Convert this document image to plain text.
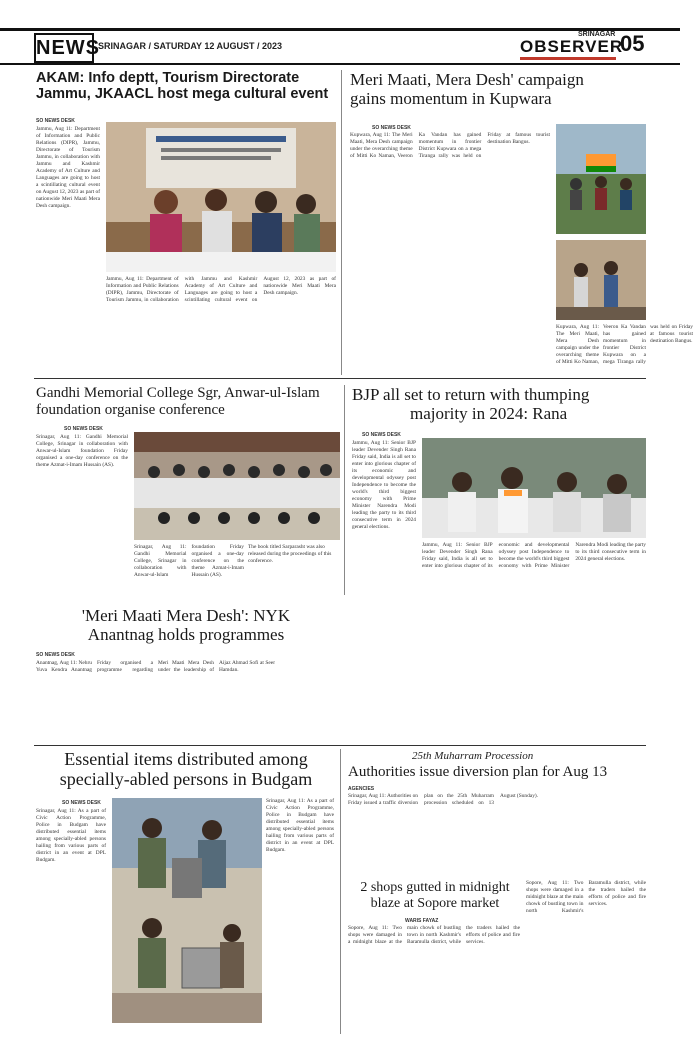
NEWS
SRINAGAR / SATURDAY 12 AUGUST / 2023
SRINAGAR
OBSERVER
05
AKAM: Info deptt, Tourism Directorate
Jammu, JKAACL host mega cultural event
SO NEWS DESK
Jammu, Aug 11: Department of Information and Public Relations (DIPR), Jammu, Directorate of Tourism Jammu, in collaboration with Jammu and Kashmir Academy of Art Culture and Languages are going to host a scintillating cultural event on August 12, 2023 as part of nationwide Meri Maati Mera Desh campaign.
Jammu, Aug 11: Department of Information and Public Relations (DIPR), Jammu, Directorate of Tourism Jammu, in collaboration with Jammu and Kashmir Academy of Art Culture and Languages are going to host a scintillating cultural event on August 12, 2023 as part of nationwide Meri Maati Mera Desh campaign.
Meri Maati, Mera Desh' campaign
gains momentum in Kupwara
SO NEWS DESK
Kupwara, Aug 11: The Meri Maati, Mera Desh campaign under the overarching theme of Mitti Ko Naman, Veeron Ka Vandan has gained momentum in frontier District Kupwara on a mega Tiranga rally was held on Friday at famous tourist destination Bangus.
Kupwara, Aug 11: The Meri Maati, Mera Desh campaign under the overarching theme of Mitti Ko Naman, Veeron Ka Vandan has gained momentum in frontier District Kupwara on a mega Tiranga rally was held on Friday at famous tourist destination Bangus.
Gandhi Memorial College Sgr, Anwar-ul-Islam
foundation organise conference
SO NEWS DESK
Srinagar, Aug 11: Gandhi Memorial College, Srinagar in collaboration with Anwar-ul-Islam foundation Friday organised a one-day conference on the theme Azmat-i-Imam Hussain (AS).
Srinagar, Aug 11: Gandhi Memorial College, Srinagar in collaboration with Anwar-ul-Islam foundation Friday organised a one-day conference on the theme Azmat-i-Imam Hussain (AS).
The book titled Sarparasht was also released during the proceedings of this conference.
BJP all set to return with thumping
majority in 2024: Rana
SO NEWS DESK
Jammu, Aug 11: Senior BJP leader Devender Singh Rana Friday said, India is all set to enter into glorious chapter of its economic and developmental odyssey post Independence to become the world's third biggest economy with Prime Minister Narendra Modi leading the party to its third consecutive term in 2024 general elections.
Jammu, Aug 11: Senior BJP leader Devender Singh Rana Friday said, India is all set to enter into glorious chapter of its economic and developmental odyssey post Independence to become the world's third biggest economy with Prime Minister Narendra Modi leading the party to its third consecutive term in 2024 general elections.
'Meri Maati Mera Desh': NYK
Anantnag holds programmes
SO NEWS DESK
Anantnag, Aug 11: Nehru Yuva Kendra Anantnag Friday organised a programme regarding Meri Maati Mera Desh under the leadership of Aijaz Ahmad Sofi at Seer Hamdan.
Essential items distributed among
specially-abled persons in Budgam
SO NEWS DESK
Srinagar, Aug 11: As a part of Civic Action Programme, Police in Budgam have distributed essential items among specially-abled persons hailing from various parts of district in an event at DPL Budgam.
Srinagar, Aug 11: As a part of Civic Action Programme, Police in Budgam have distributed essential items among specially-abled persons hailing from various parts of district in an event at DPL Budgam.
25th Muharram Procession
Authorities issue diversion plan for Aug 13
AGENCIES
Srinagar, Aug 11: Authorities on Friday issued a traffic diversion plan on the 25th Muharram procession scheduled on 13 August (Sunday).
2 shops gutted in midnight
blaze at Sopore market
WARIS FAYAZ
Sopore, Aug 11: Two shops were damaged in a midnight blaze at the main chowk of bustling town in north Kashmir's Baramulla district, while the traders hailed the efforts of police and fire services.
Sopore, Aug 11: Two shops were damaged in a midnight blaze at the main chowk of bustling town in north Kashmir's Baramulla district, while the traders hailed the efforts of police and fire services.
